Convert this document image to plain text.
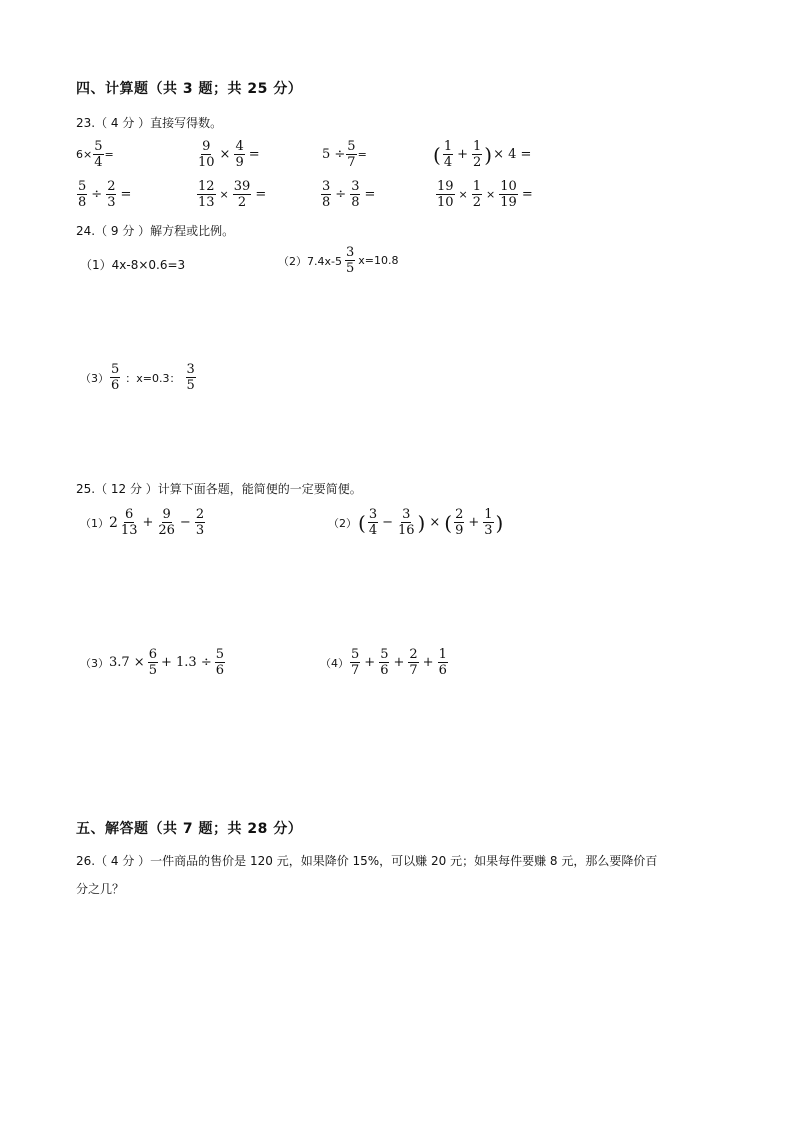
四、计算题（共 3 题；共 25 分）
23.（ 4 分 ）直接写得数。
$6\times \frac{5}{4}$ =	$\frac{9}{10} \times \frac{4}{9}$ =	$5 \div \frac{5}{7}$ =	( $\frac{1}{4} + \frac{1}{2}$ ) × 4 =
$\frac{5}{8} \div \frac{2}{3}$ =	$\frac{12}{13} \times \frac{39}{2}$ =	$\frac{3}{8} \div \frac{3}{8}$ =	$\frac{19}{10} \times \frac{1}{2} \times \frac{10}{19}$ =
24.（ 9 分 ）解方程或比例。
（1）4x-8×0.6=3	$(2)7.4x-5 \frac{3}{5} x=10.8$
$(3) \frac{5}{6}$ ：x=0.3： $\frac{3}{5}$
25.（ 12 分 ）计算下面各题，能简便的一定要简便。
（1） $2 \frac{6}{13} + \frac{9}{26} - \frac{2}{3}$	（2） ( $\frac{3}{4} - \frac{3}{16}$ ) × ( $\frac{2}{9} + \frac{1}{3}$ )
（3） $3.7 \times \frac{6}{5} + 1.3 \div \frac{5}{6}$	$(4) \frac{5}{7} + \frac{5}{6} + \frac{2}{7} + \frac{1}{6}$
五、解答题（共 7 题；共 28 分）
26.（ 4 分 ）一件商品的售价是 120 元，如果降价 15%，可以赚 20 元；如果每件要赚 8 元，那么要降价百
分之几？
